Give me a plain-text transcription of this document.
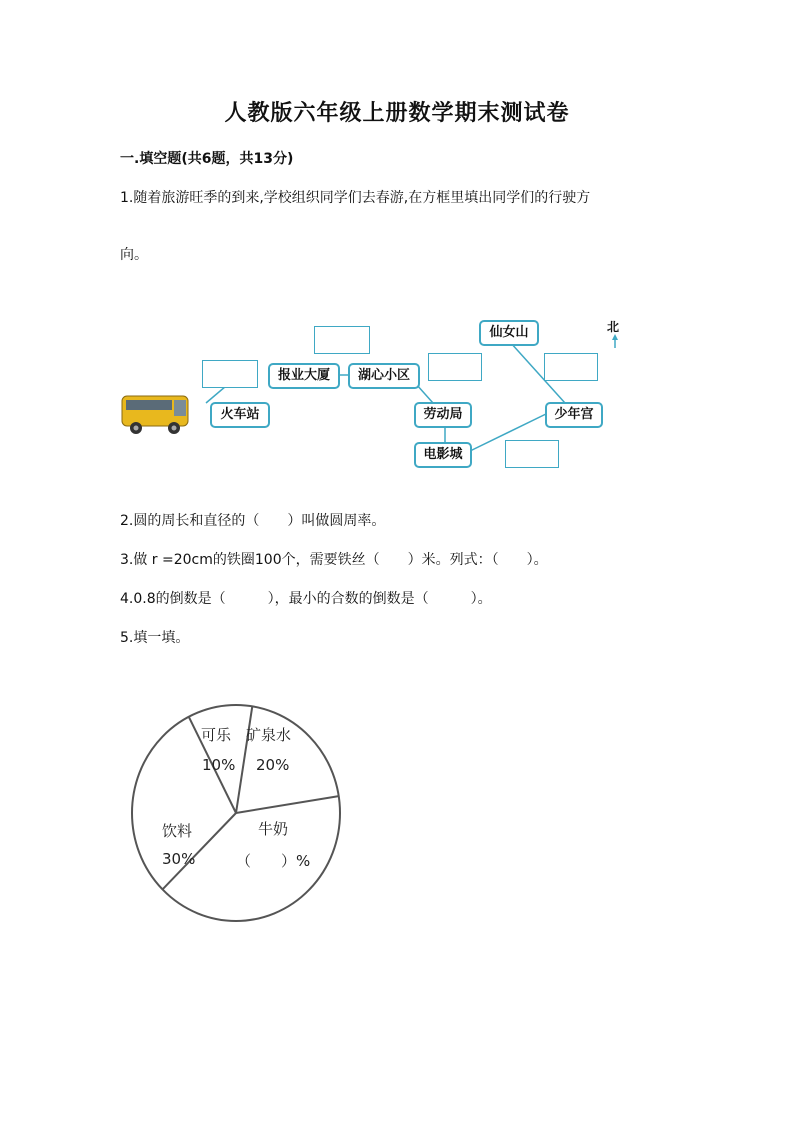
人教版六年级上册数学期末测试卷
一.填空题(共6题，共13分)
1.随着旅游旺季的到来,学校组织同学们去春游,在方框里填出同学们的行驶方
向。
火车站
报业大厦	湖心小区
劳动局
电影城
少年宫
仙女山	北
2.圆的周长和直径的（　　）叫做圆周率。
3.做 r =20cm的铁圈100个，需要铁丝（　　）米。列式：（　　）。
4.0.8的倒数是（　　　），最小的合数的倒数是（　　　）。
5.填一填。
可乐
10%
矿泉水
20%
饮料
30%
牛奶
（　　）%
